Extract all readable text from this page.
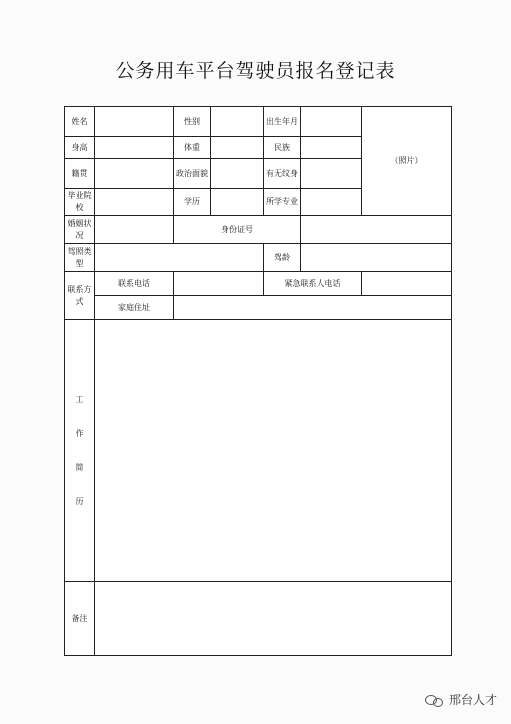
公务用车平台驾驶员报名登记表
姓名		性别		出生年月		（照片）
身高		体重		民族		
籍贯		政治面貌		有无纹身		
毕业院校		学历		所学专业		
婚姻状况		身份证号				
驾照类型				驾龄		
联系方式	联系电话			紧急联系人电话		
	家庭住址					

工
作
简
历						

备注						
邢台人才
